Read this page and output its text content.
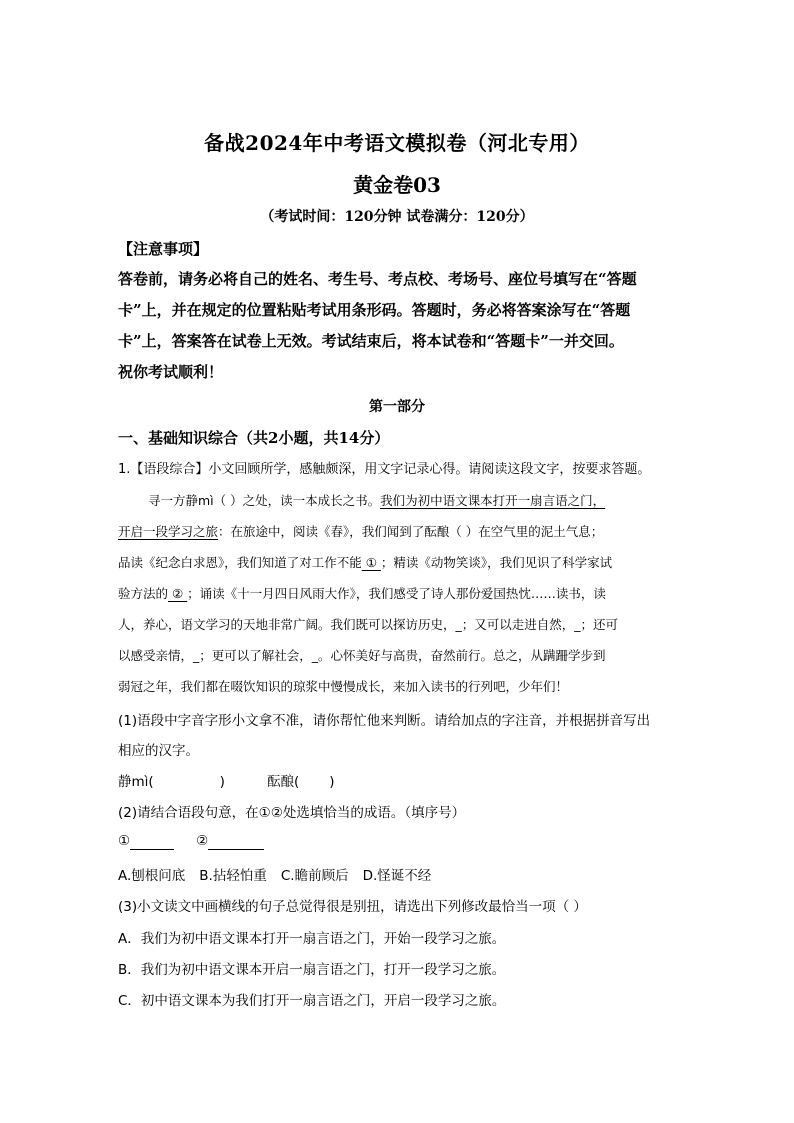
备战2024年中考语文模拟卷（河北专用）
黄金卷03
（考试时间：120分钟 试卷满分：120分）
【注意事项】
答卷前，请务必将自己的姓名、考生号、考点校、考场号、座位号填写在“答题
卡”上，并在规定的位置粘贴考试用条形码。答题时，务必将答案涂写在“答题
卡”上，答案答在试卷上无效。考试结束后，将本试卷和“答题卡”一并交回。
祝你考试顺利！
第一部分
一、基础知识综合（共2小题，共14分）
1.【语段综合】小文回顾所学，感触颇深，用文字记录心得。请阅读这段文字，按要求答题。
寻一方静mì（ ）之处，读一本成长之书。我们为初中语文课本打开一扇言语之门，
开启一段学习之旅：在旅途中，阅读《春》，我们闻到了酝酿（ ）在空气里的泥土气息；
品读《纪念白求恩》，我们知道了对工作不能 ① ；精读《动物笑谈》，我们见识了科学家试
验方法的 ② ；诵读《十一月四日风雨大作》，我们感受了诗人那份爱国热忱……读书，读
人，养心，语文学习的天地非常广阔。我们既可以探访历史，_；又可以走进自然，_；还可
以感受亲情，_；更可以了解社会，_。心怀美好与高贵，奋然前行。总之，从蹒跚学步到
弱冠之年，我们都在啜饮知识的琼浆中慢慢成长，来加入读书的行列吧，少年们！
(1)语段中字音字形小文拿不准，请你帮忙他来判断。请给加点的字注音，并根据拼音写出
相应的汉字。
静mì(	)	酝酿( )
(2)请结合语段句意，在①②处选填恰当的成语。（填序号）
①	②
A.刨根问底 B.拈轻怕重 C.瞻前顾后 D.怪诞不经
(3)小文读文中画横线的句子总觉得很是别扭，请选出下列修改最恰当一项（ ）
A．我们为初中语文课本打开一扇言语之门，开始一段学习之旅。
B．我们为初中语文课本开启一扇言语之门，打开一段学习之旅。
C．初中语文课本为我们打开一扇言语之门，开启一段学习之旅。
